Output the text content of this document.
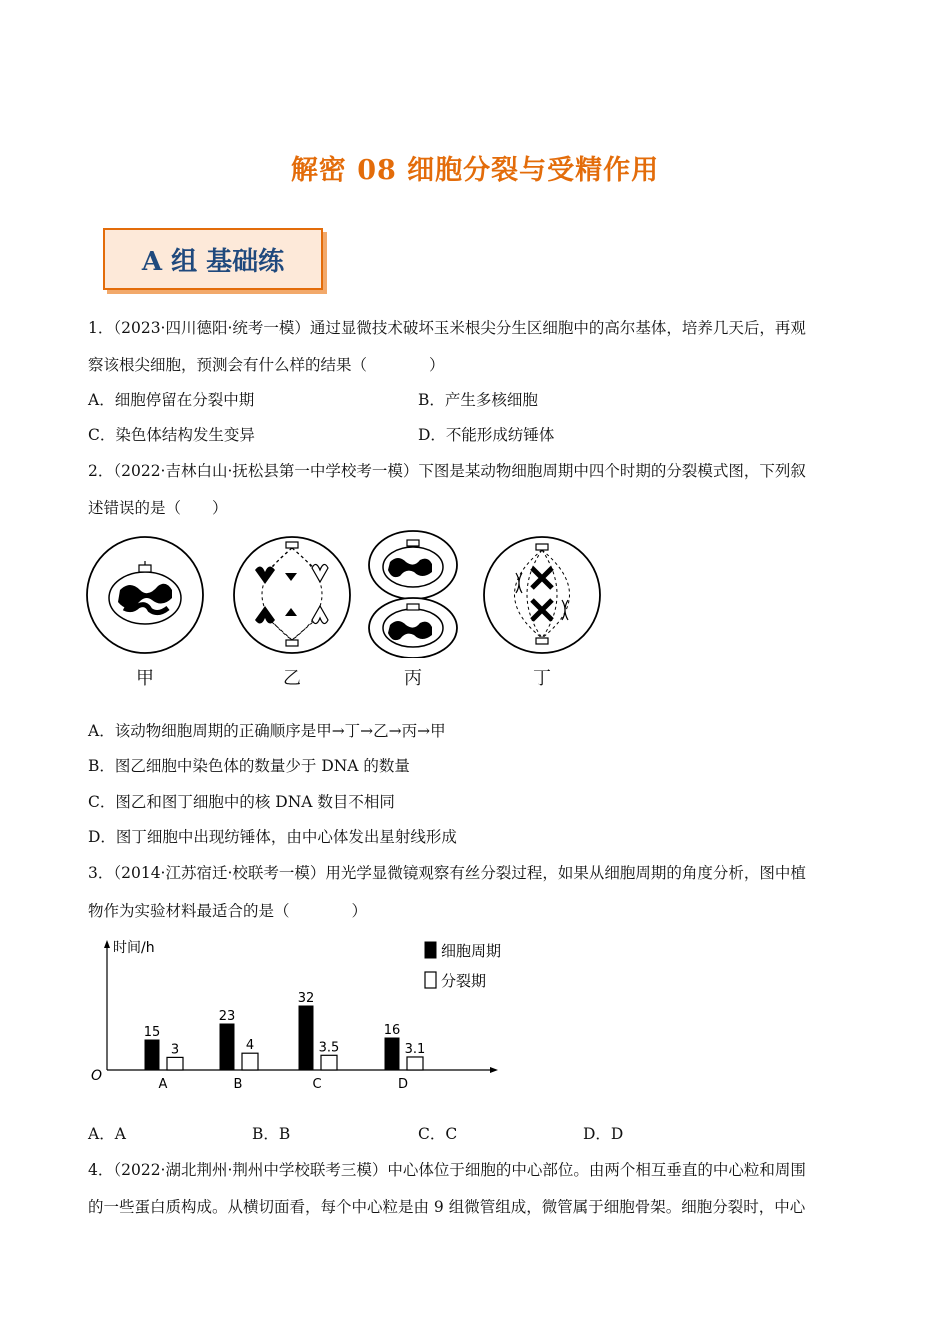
解密 08 细胞分裂与受精作用
A 组 基础练
1．（2023·四川德阳·统考一模）通过显微技术破坏玉米根尖分生区细胞中的高尔基体，培养几天后，再观
察该根尖细胞，预测会有什么样的结果（　　　　）
A．细胞停留在分裂中期	B．产生多核细胞
C．染色体结构发生变异	D．不能形成纺锤体
2．（2022·吉林白山·抚松县第一中学校考一模）下图是某动物细胞周期中四个时期的分裂模式图，下列叙
述错误的是（　　）
甲	乙	丙	丁
A．该动物细胞周期的正确顺序是甲→丁→乙→丙→甲
B．图乙细胞中染色体的数量少于 DNA 的数量
C．图乙和图丁细胞中的核 DNA 数目不相同
D．图丁细胞中出现纺锤体，由中心体发出星射线形成
3．（2014·江苏宿迁·校联考一模）用光学显微镜观察有丝分裂过程，如果从细胞周期的角度分析，图中植
物作为实验材料最适合的是（　　　　）
时间/h
O
15
3
A
23
4
B
32
3.5
C
16
3.1
D
细胞周期
分裂期
A．A	B．B	C．C	D．D
4．（2022·湖北荆州·荆州中学校联考三模）中心体位于细胞的中心部位。由两个相互垂直的中心粒和周围
的一些蛋白质构成。从横切面看，每个中心粒是由 9 组微管组成，微管属于细胞骨架。细胞分裂时，中心
